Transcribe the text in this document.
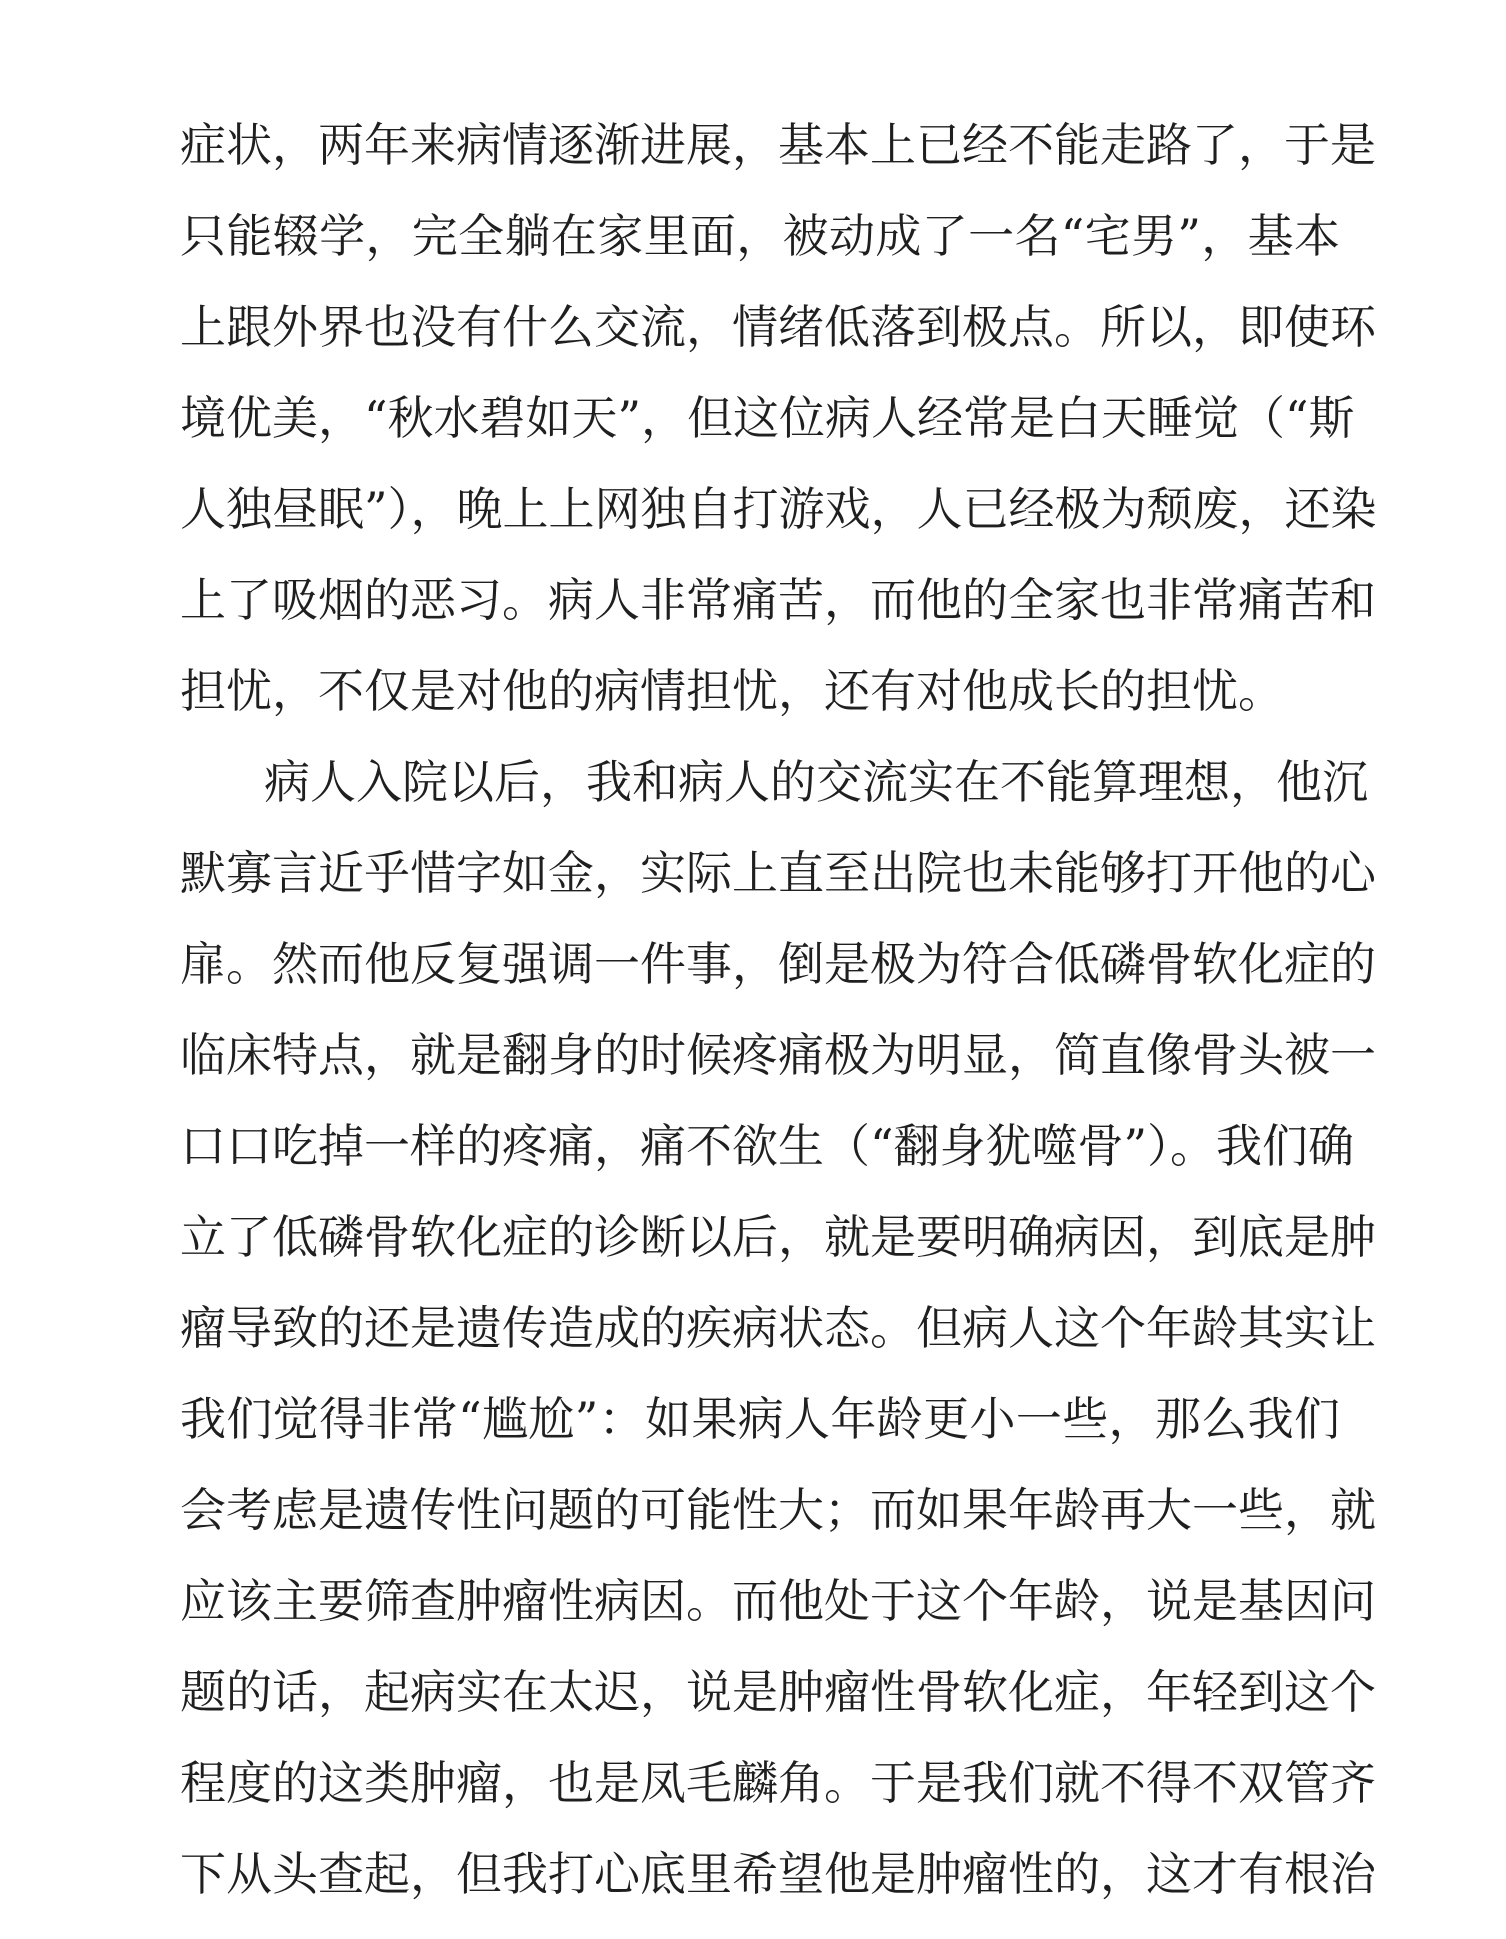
症状，两年来病情逐渐进展，基本上已经不能走路了，于是
只能辍学，完全躺在家里面，被动成了一名“宅男”，基本
上跟外界也没有什么交流，情绪低落到极点。所以，即使环
境优美，“秋水碧如天”，但这位病人经常是白天睡觉（“斯
人独昼眠”），晚上上网独自打游戏，人已经极为颓废，还染
上了吸烟的恶习。病人非常痛苦，而他的全家也非常痛苦和
担忧，不仅是对他的病情担忧，还有对他成长的担忧。
病人入院以后，我和病人的交流实在不能算理想，他沉
默寡言近乎惜字如金，实际上直至出院也未能够打开他的心
扉。然而他反复强调一件事，倒是极为符合低磷骨软化症的
临床特点，就是翻身的时候疼痛极为明显，简直像骨头被一
口口吃掉一样的疼痛，痛不欲生（“翻身犹噬骨”）。我们确
立了低磷骨软化症的诊断以后，就是要明确病因，到底是肿
瘤导致的还是遗传造成的疾病状态。但病人这个年龄其实让
我们觉得非常“尴尬”：如果病人年龄更小一些，那么我们
会考虑是遗传性问题的可能性大；而如果年龄再大一些，就
应该主要筛查肿瘤性病因。而他处于这个年龄，说是基因问
题的话，起病实在太迟，说是肿瘤性骨软化症，年轻到这个
程度的这类肿瘤，也是凤毛麟角。于是我们就不得不双管齐
下从头查起，但我打心底里希望他是肿瘤性的，这才有根治
